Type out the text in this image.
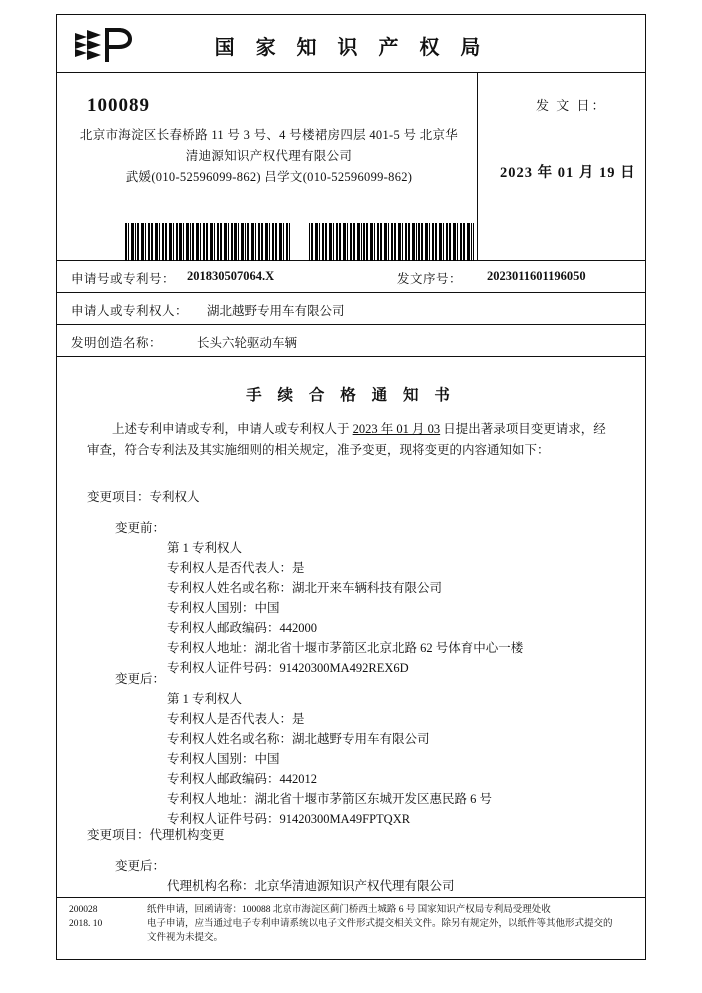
国 家 知 识 产 权 局
100089
北京市海淀区长春桥路 11 号 3 号、4 号楼裙房四层 401-5 号 北京华
清迪源知识产权代理有限公司
武媛(010-52596099-862) 吕学文(010-52596099-862)
发 文 日：
2023 年 01 月 19 日
申请号或专利号： 201830507064.X	发文序号： 2023011601196050
申请人或专利权人： 湖北越野专用车有限公司
发明创造名称：	长头六轮驱动车辆
手 续 合 格 通 知 书
上述专利申请或专利，申请人或专利权人于 2023 年 01 月 03 日提出著录项目变更请求，经审查，符合专利法及其实施细则的相关规定，准予变更，现将变更的内容通知如下：
变更项目：专利权人
变更前：
第 1 专利权人
专利权人是否代表人：是
专利权人姓名或名称：湖北开来车辆科技有限公司
专利权人国别：中国
专利权人邮政编码：442000
专利权人地址：湖北省十堰市茅箭区北京北路 62 号体育中心一楼
专利权人证件号码：91420300MA492REX6D
变更后：
第 1 专利权人
专利权人是否代表人：是
专利权人姓名或名称：湖北越野专用车有限公司
专利权人国别：中国
专利权人邮政编码：442012
专利权人地址：湖北省十堰市茅箭区东城开发区惠民路 6 号
专利权人证件号码：91420300MA49FPTQXR
变更项目：代理机构变更
变更后：
代理机构名称：北京华清迪源知识产权代理有限公司
200028
2018. 10
纸件申请，回函请寄：100088 北京市海淀区蓟门桥西土城路 6 号 国家知识产权局专利局受理处收
电子申请，应当通过电子专利申请系统以电子文件形式提交相关文件。除另有规定外，以纸件等其他形式提交的
文件视为未提交。
